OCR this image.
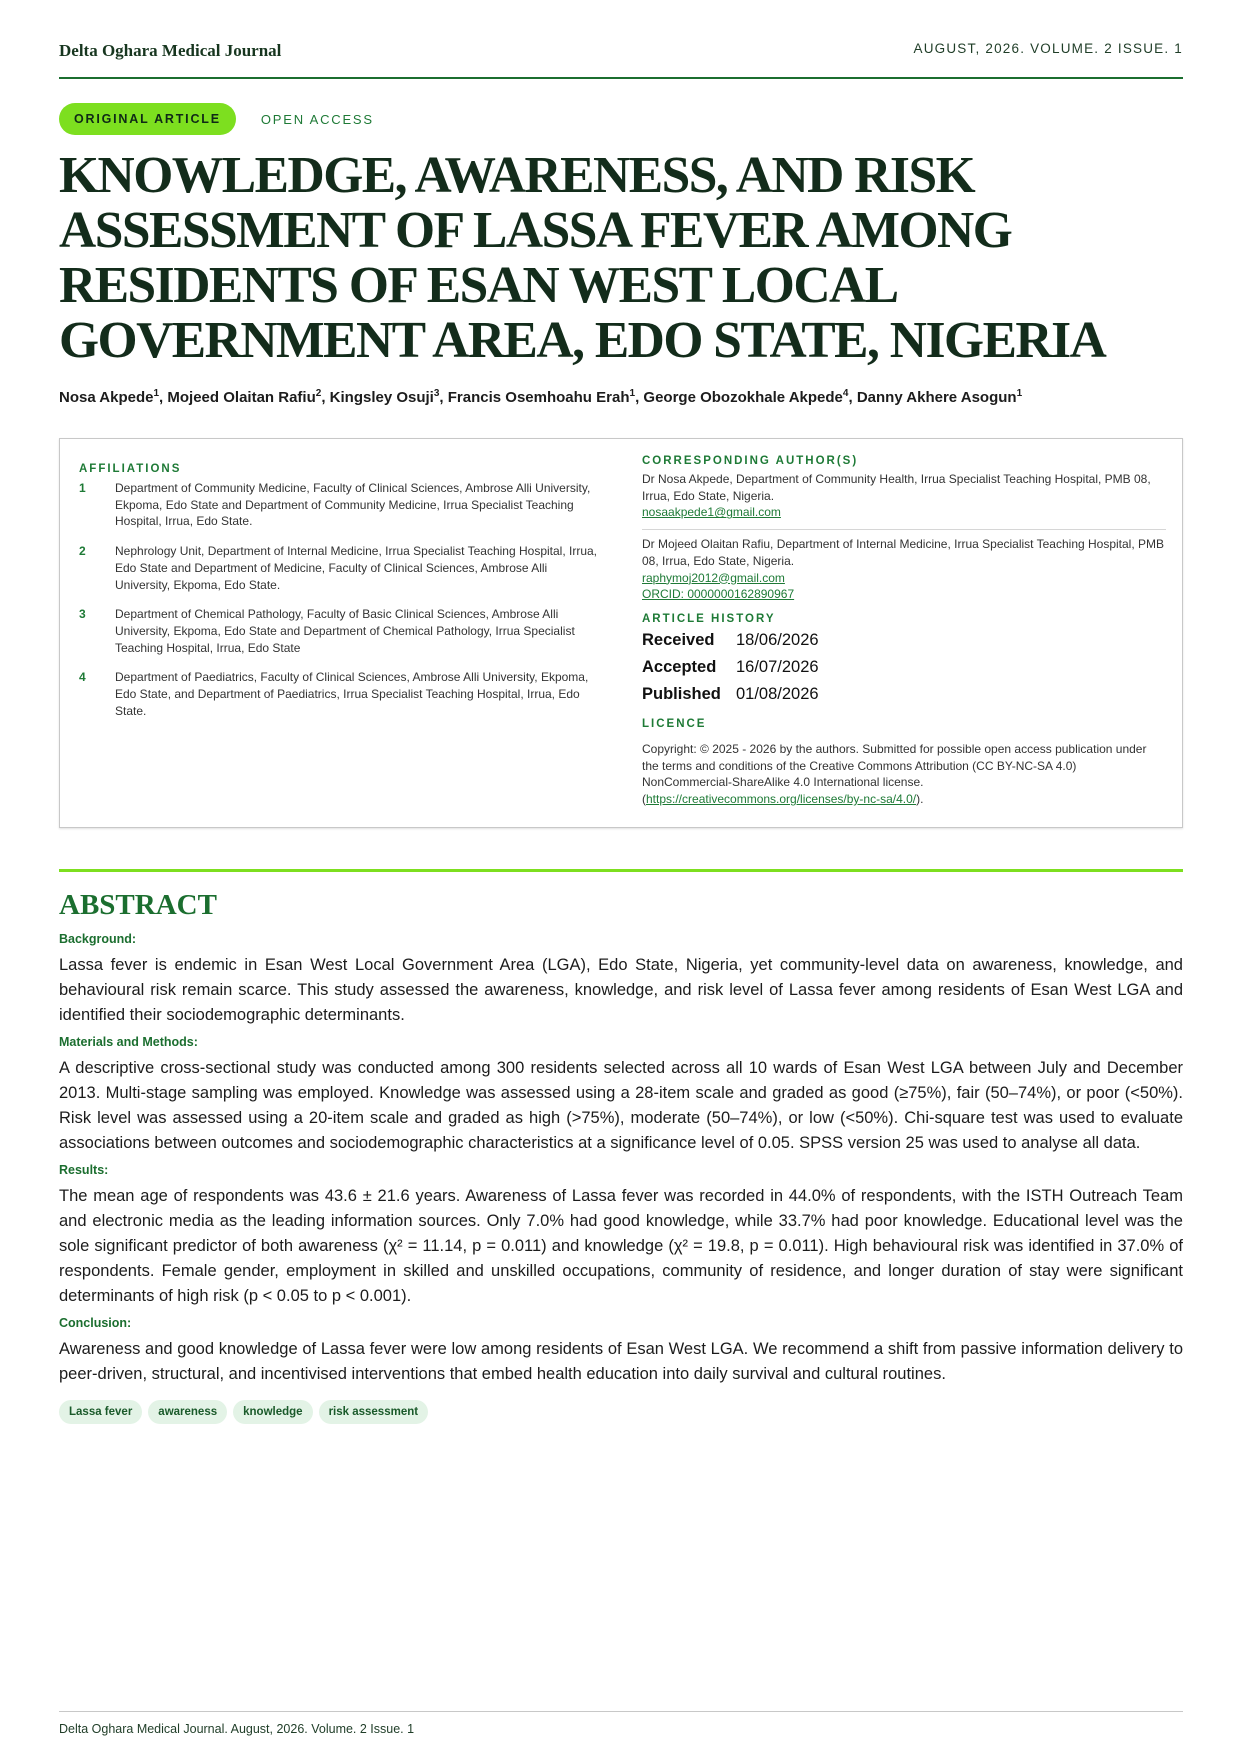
Delta Oghara Medical Journal	AUGUST, 2026. VOLUME. 2 ISSUE. 1
ORIGINAL ARTICLE	OPEN ACCESS
KNOWLEDGE, AWARENESS, AND RISK ASSESSMENT OF LASSA FEVER AMONG RESIDENTS OF ESAN WEST LOCAL GOVERNMENT AREA, EDO STATE, NIGERIA
Nosa Akpede$^1$, Mojeed Olaitan Rafiu$^2$, Kingsley Osuji$^3$, Francis Osemhoahu Erah$^1$, George Obozokhale Akpede$^4$, Danny Akhere Asogun$^1$
AFFILIATIONS
1	Department of Community Medicine, Faculty of Clinical Sciences, Ambrose Alli University, Ekpoma, Edo State and Department of Community Medicine, Irrua Specialist Teaching Hospital, Irrua, Edo State.
2	Nephrology Unit, Department of Internal Medicine, Irrua Specialist Teaching Hospital, Irrua, Edo State and Department of Medicine, Faculty of Clinical Sciences, Ambrose Alli University, Ekpoma, Edo State.
3	Department of Chemical Pathology, Faculty of Basic Clinical Sciences, Ambrose Alli University, Ekpoma, Edo State and Department of Chemical Pathology, Irrua Specialist Teaching Hospital, Irrua, Edo State
4	Department of Paediatrics, Faculty of Clinical Sciences, Ambrose Alli University, Ekpoma, Edo State, and Department of Paediatrics, Irrua Specialist Teaching Hospital, Irrua, Edo State.
CORRESPONDING AUTHOR(S)
Dr Nosa Akpede, Department of Community Health, Irrua Specialist Teaching Hospital, PMB 08, Irrua, Edo State, Nigeria.
nosaakpede1@gmail.com
Dr Mojeed Olaitan Rafiu, Department of Internal Medicine, Irrua Specialist Teaching Hospital, PMB 08, Irrua, Edo State, Nigeria.
raphymoj2012@gmail.com
ORCID: 0000000162890967
ARTICLE HISTORY
Received	18/06/2026
Accepted	16/07/2026
Published 01/08/2026
LICENCE
Copyright: © 2025 - 2026 by the authors. Submitted for possible open access publication under the terms and conditions of the Creative Commons Attribution (CC BY-NC-SA 4.0) NonCommercial-ShareAlike 4.0 International license.
(https://creativecommons.org/licenses/by-nc-sa/4.0/).
ABSTRACT
Background:

Lassa fever is endemic in Esan West Local Government Area (LGA), Edo State, Nigeria, yet community-level data on awareness, knowledge, and behavioural risk remain scarce. This study assessed the awareness, knowledge, and risk level of Lassa fever among residents of Esan West LGA and identified their sociodemographic determinants.

Materials and Methods:

A descriptive cross-sectional study was conducted among 300 residents selected across all 10 wards of Esan West LGA between July and December 2013. Multi-stage sampling was employed. Knowledge was assessed using a 28-item scale and graded as good (≥75%), fair (50–74%), or poor (<50%). Risk level was assessed using a 20-item scale and graded as high (>75%), moderate (50–74%), or low (<50%). Chi-square test was used to evaluate associations between outcomes and sociodemographic characteristics at a significance level of 0.05. SPSS version 25 was used to analyse all data.

Results:

The mean age of respondents was 43.6 ± 21.6 years. Awareness of Lassa fever was recorded in 44.0% of respondents, with the ISTH Outreach Team and electronic media as the leading information sources. Only 7.0% had good knowledge, while 33.7% had poor knowledge. Educational level was the sole significant predictor of both awareness (χ² = 11.14, p = 0.011) and knowledge (χ² = 19.8, p = 0.011). High behavioural risk was identified in 37.0% of respondents. Female gender, employment in skilled and unskilled occupations, community of residence, and longer duration of stay were significant determinants of high risk (p < 0.05 to p < 0.001).

Conclusion:

Awareness and good knowledge of Lassa fever were low among residents of Esan West LGA. We recommend a shift from passive information delivery to peer-driven, structural, and incentivised interventions that embed health education into daily survival and cultural routines.

Lassa fever	awareness	knowledge	risk assessment
Delta Oghara Medical Journal. August, 2026. Volume. 2 Issue. 1
